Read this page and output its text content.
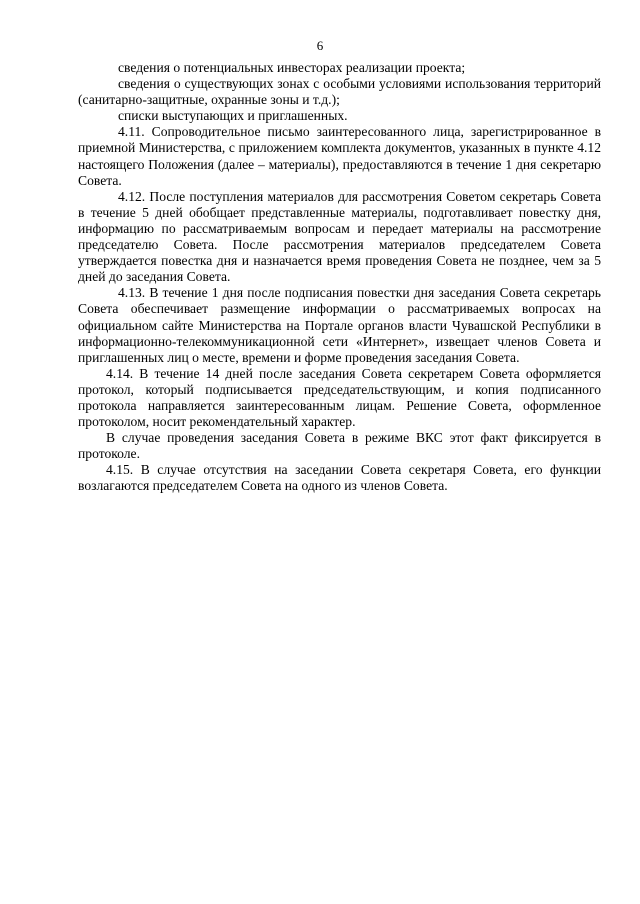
6

сведения о потенциальных инвесторах реализации проекта;

сведения о существующих зонах с особыми условиями использования территорий (санитарно-защитные, охранные зоны и т.д.);

списки выступающих и приглашенных.

4.11. Сопроводительное письмо заинтересованного лица, зарегистрированное в приемной Министерства, с приложением комплекта документов, указанных в пункте 4.12 настоящего Положения (далее – материалы), предоставляются в течение 1 дня секретарю Совета.

4.12. После поступления материалов для рассмотрения Советом секретарь Совета в течение 5 дней обобщает представленные материалы, подготавливает повестку дня, информацию по рассматриваемым вопросам и передает материалы на рассмотрение председателю Совета. После рассмотрения материалов председателем Совета утверждается повестка дня и назначается время проведения Совета не позднее, чем за 5 дней до заседания Совета.

4.13. В течение 1 дня после подписания повестки дня заседания Совета секретарь Совета обеспечивает размещение информации о рассматриваемых вопросах на официальном сайте Министерства на Портале органов власти Чувашской Республики в информационно-телекоммуникационной сети «Интернет», извещает членов Совета и приглашенных лиц о месте, времени и форме проведения заседания Совета.

4.14. В течение 14 дней после заседания Совета секретарем Совета оформляется протокол, который подписывается председательствующим, и копия подписанного протокола направляется заинтересованным лицам. Решение Совета, оформленное протоколом, носит рекомендательный характер.

В случае проведения заседания Совета в режиме ВКС этот факт фиксируется в протоколе.

4.15. В случае отсутствия на заседании Совета секретаря Совета, его функции возлагаются председателем Совета на одного из членов Совета.
